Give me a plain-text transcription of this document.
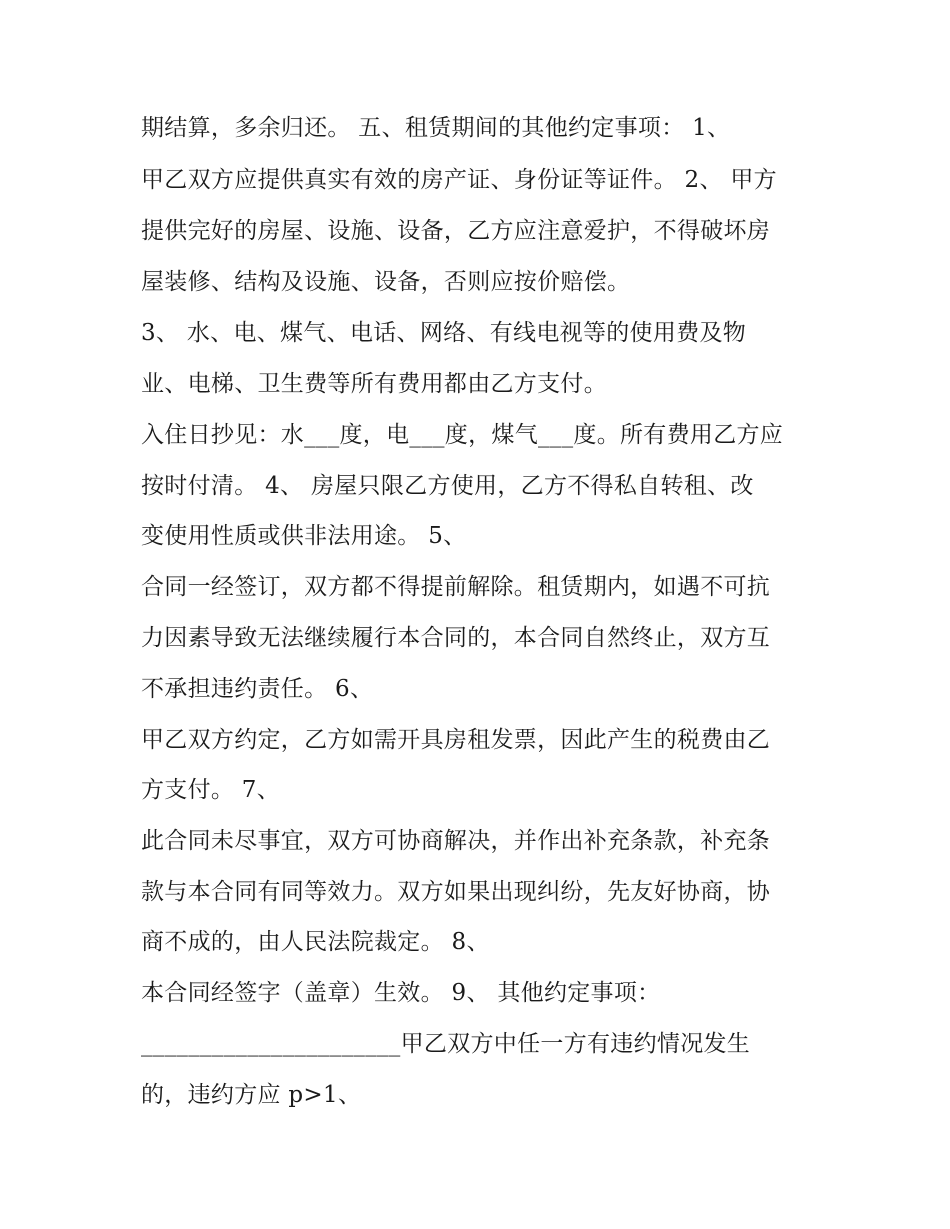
期结算，多余归还。 五、租赁期间的其他约定事项： 1、
甲乙双方应提供真实有效的房产证、身份证等证件。 2、 甲方
提供完好的房屋、设施、设备，乙方应注意爱护，不得破坏房
屋装修、结构及设施、设备，否则应按价赔偿。
3、 水、电、煤气、电话、网络、有线电视等的使用费及物
业、电梯、卫生费等所有费用都由乙方支付。
入住日抄见：水___度，电___度，煤气___度。所有费用乙方应
按时付清。 4、 房屋只限乙方使用，乙方不得私自转租、改
变使用性质或供非法用途。 5、
合同一经签订，双方都不得提前解除。租赁期内，如遇不可抗
力因素导致无法继续履行本合同的，本合同自然终止，双方互
不承担违约责任。 6、
甲乙双方约定，乙方如需开具房租发票，因此产生的税费由乙
方支付。 7、
此合同未尽事宜，双方可协商解决，并作出补充条款，补充条
款与本合同有同等效力。双方如果出现纠纷，先友好协商，协
商不成的，由人民法院裁定。 8、
本合同经签字（盖章）生效。 9、 其他约定事项：
______________________甲乙双方中任一方有违约情况发生
的，违约方应 p>1、
